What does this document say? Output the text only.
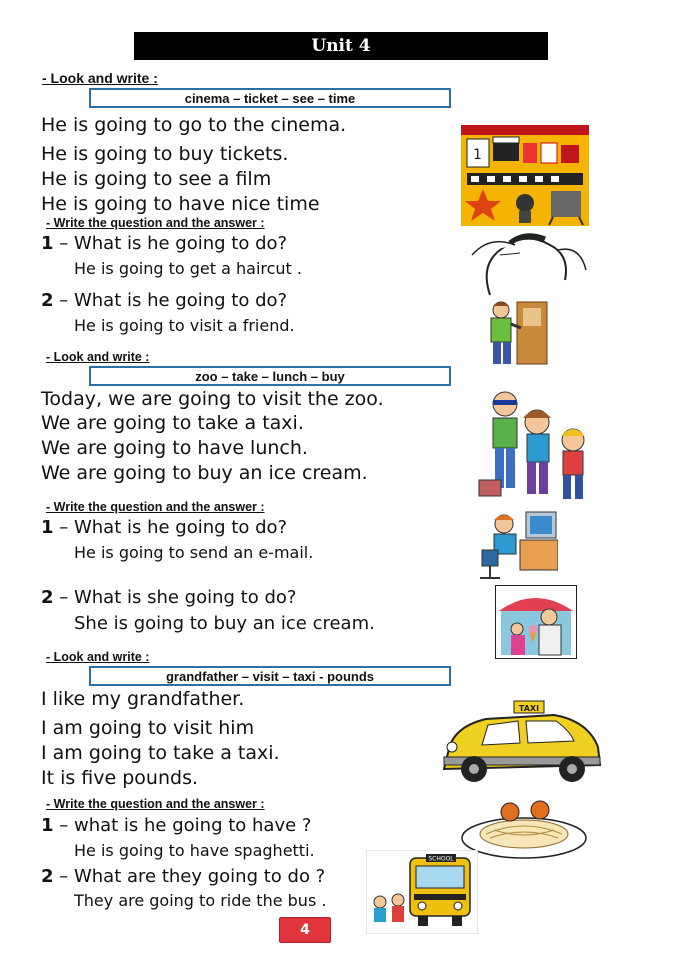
Unit 4
- Look and write :
cinema – ticket – see – time
He is going to go to the cinema.
He is going to buy tickets.
He is going to see a film
He is going to have nice time
1
- Write the question and the answer :
1 – What is he going to do?
He is going to get a haircut .
2 – What is he going to do?
He is going to visit a friend.
- Look and write :
zoo – take – lunch – buy
Today, we are going to visit the zoo.
We are going to take a taxi.
We are going to have lunch.
We are going to buy an ice cream.
- Write the question and the answer :
1 – What is he going to do?
He is going to send an e-mail.
2 – What is she going to do?
She is going to buy an ice cream.
- Look and write :
grandfather – visit – taxi - pounds
I like my grandfather.
I am going to visit him
I am going to take a taxi.
It is five pounds.
TAXI
- Write the question and the answer :
1 – what is he going to have ?
He is going to have spaghetti.
2 – What are they going to do ?
They are going to ride the bus .
SCHOOL
4
